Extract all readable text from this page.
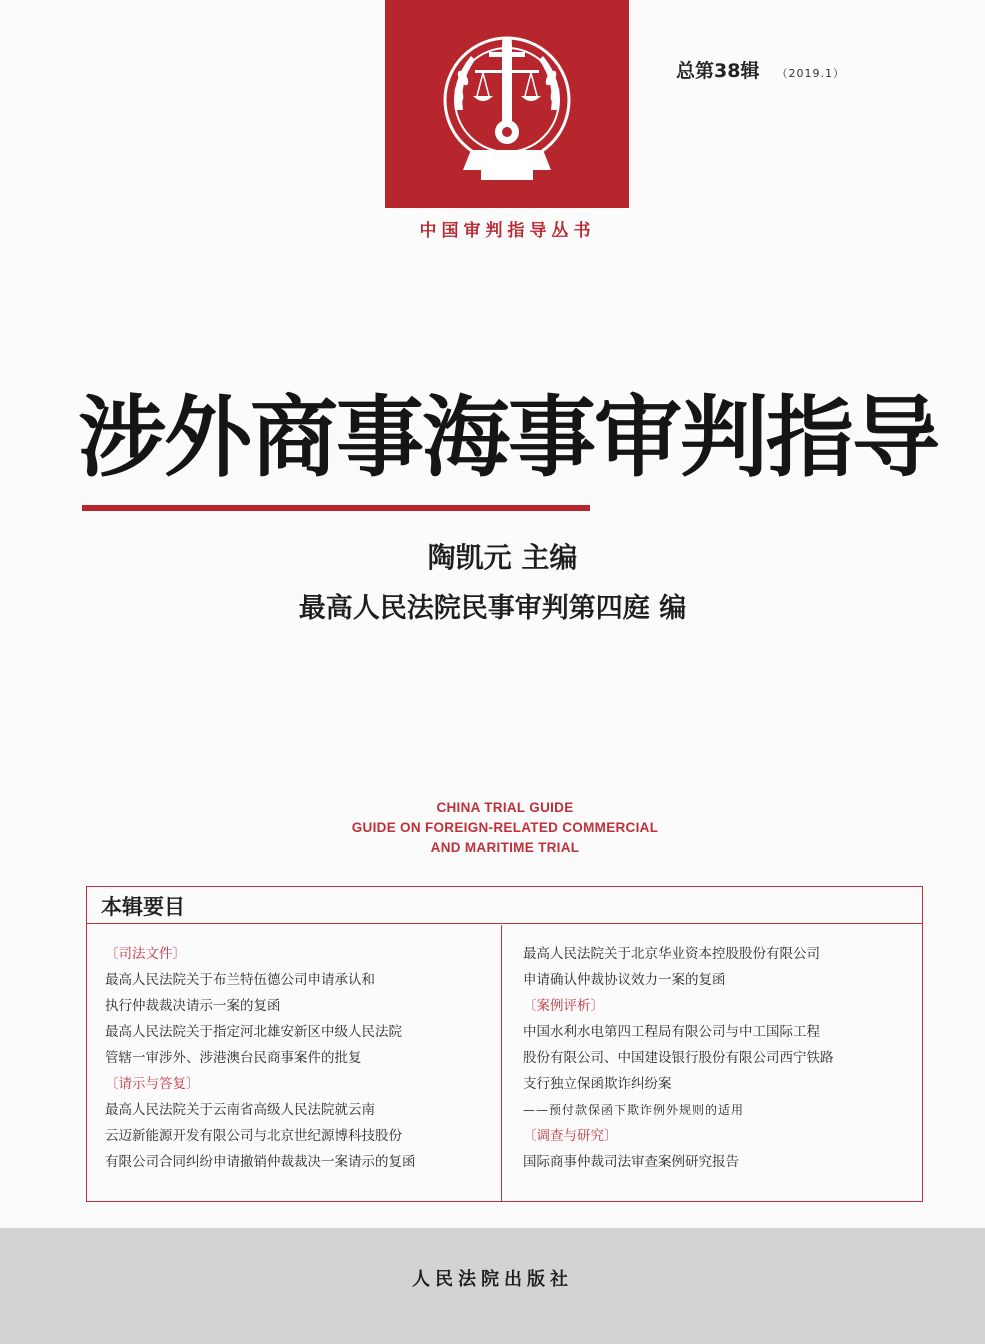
中国审判指导丛书
总第38辑 （2019.1）
涉外商事海事审判指导
陶凯元 主编
最高人民法院民事审判第四庭 编
CHINA TRIAL GUIDE
GUIDE ON FOREIGN-RELATED COMMERCIAL
AND MARITIME TRIAL
本辑要目
〔司法文件〕
最高人民法院关于布兰特伍德公司申请承认和
执行仲裁裁决请示一案的复函
最高人民法院关于指定河北雄安新区中级人民法院
管辖一审涉外、涉港澳台民商事案件的批复
〔请示与答复〕
最高人民法院关于云南省高级人民法院就云南
云迈新能源开发有限公司与北京世纪源博科技股份
有限公司合同纠纷申请撤销仲裁裁决一案请示的复函
最高人民法院关于北京华业资本控股股份有限公司
申请确认仲裁协议效力一案的复函
〔案例评析〕
中国水利水电第四工程局有限公司与中工国际工程
股份有限公司、中国建设银行股份有限公司西宁铁路
支行独立保函欺诈纠纷案
——预付款保函下欺诈例外规则的适用
〔调查与研究〕
国际商事仲裁司法审查案例研究报告
人民法院出版社
